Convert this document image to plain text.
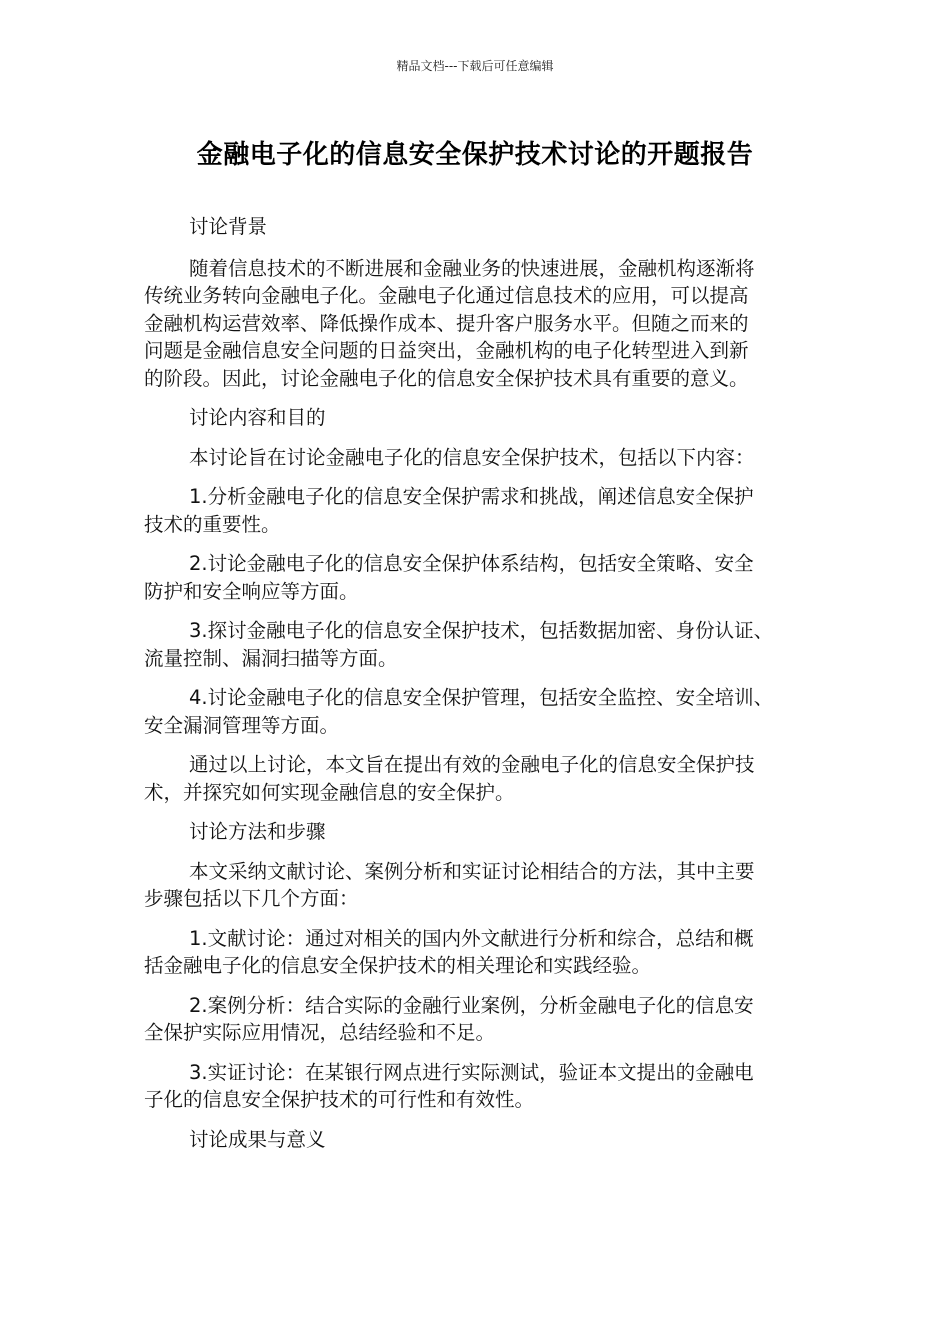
精品文档---下载后可任意编辑
金融电子化的信息安全保护技术讨论的开题报告

讨论背景

随着信息技术的不断进展和金融业务的快速进展，金融机构逐渐将
传统业务转向金融电子化。金融电子化通过信息技术的应用，可以提高
金融机构运营效率、降低操作成本、提升客户服务水平。但随之而来的
问题是金融信息安全问题的日益突出，金融机构的电子化转型进入到新
的阶段。因此，讨论金融电子化的信息安全保护技术具有重要的意义。

讨论内容和目的

本讨论旨在讨论金融电子化的信息安全保护技术，包括以下内容：

1.分析金融电子化的信息安全保护需求和挑战，阐述信息安全保护
技术的重要性。

2.讨论金融电子化的信息安全保护体系结构，包括安全策略、安全
防护和安全响应等方面。

3.探讨金融电子化的信息安全保护技术，包括数据加密、身份认证、
流量控制、漏洞扫描等方面。

4.讨论金融电子化的信息安全保护管理，包括安全监控、安全培训、
安全漏洞管理等方面。

通过以上讨论，本文旨在提出有效的金融电子化的信息安全保护技
术，并探究如何实现金融信息的安全保护。

讨论方法和步骤

本文采纳文献讨论、案例分析和实证讨论相结合的方法，其中主要
步骤包括以下几个方面：

1.文献讨论：通过对相关的国内外文献进行分析和综合，总结和概
括金融电子化的信息安全保护技术的相关理论和实践经验。

2.案例分析：结合实际的金融行业案例，分析金融电子化的信息安
全保护实际应用情况，总结经验和不足。

3.实证讨论：在某银行网点进行实际测试，验证本文提出的金融电
子化的信息安全保护技术的可行性和有效性。

讨论成果与意义
